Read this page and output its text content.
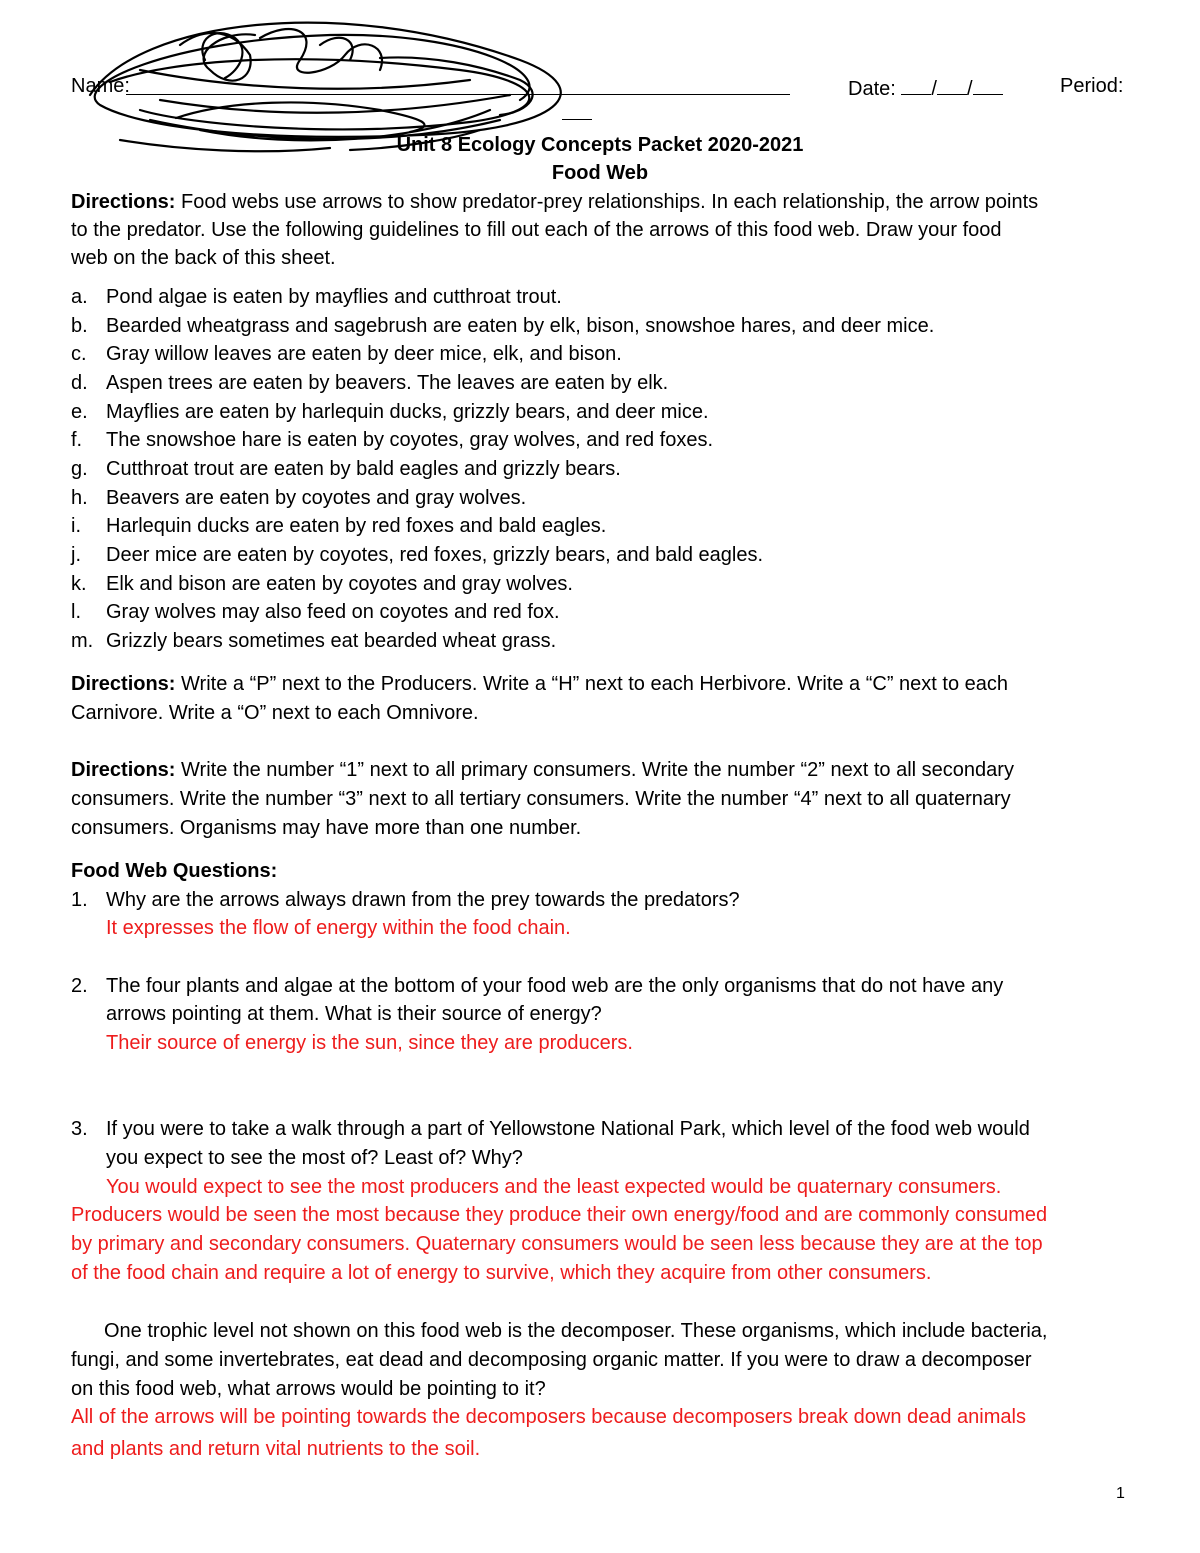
Name:	Date: / /	Period:
Unit 8 Ecology Concepts Packet 2020-2021
Food Web
Directions: Food webs use arrows to show predator-prey relationships. In each relationship, the arrow points
to the predator. Use the following guidelines to fill out each of the arrows of this food web. Draw your food
web on the back of this sheet.
a. Pond algae is eaten by mayflies and cutthroat trout.
b. Bearded wheatgrass and sagebrush are eaten by elk, bison, snowshoe hares, and deer mice.
c. Gray willow leaves are eaten by deer mice, elk, and bison.
d. Aspen trees are eaten by beavers. The leaves are eaten by elk.
e. Mayflies are eaten by harlequin ducks, grizzly bears, and deer mice.
f. The snowshoe hare is eaten by coyotes, gray wolves, and red foxes.
g. Cutthroat trout are eaten by bald eagles and grizzly bears.
h. Beavers are eaten by coyotes and gray wolves.
i. Harlequin ducks are eaten by red foxes and bald eagles.
j. Deer mice are eaten by coyotes, red foxes, grizzly bears, and bald eagles.
k. Elk and bison are eaten by coyotes and gray wolves.
l. Gray wolves may also feed on coyotes and red fox.
m. Grizzly bears sometimes eat bearded wheat grass.
Directions: Write a “P” next to the Producers. Write a “H” next to each Herbivore. Write a “C” next to each
Carnivore. Write a “O” next to each Omnivore.
Directions: Write the number “1” next to all primary consumers. Write the number “2” next to all secondary
consumers. Write the number “3” next to all tertiary consumers. Write the number “4” next to all quaternary
consumers. Organisms may have more than one number.
Food Web Questions:
1. Why are the arrows always drawn from the prey towards the predators?
It expresses the flow of energy within the food chain.
2. The four plants and algae at the bottom of your food web are the only organisms that do not have any
arrows pointing at them. What is their source of energy?
Their source of energy is the sun, since they are producers.
3. If you were to take a walk through a part of Yellowstone National Park, which level of the food web would
you expect to see the most of? Least of? Why?
You would expect to see the most producers and the least expected would be quaternary consumers.
Producers would be seen the most because they produce their own energy/food and are commonly consumed
by primary and secondary consumers. Quaternary consumers would be seen less because they are at the top
of the food chain and require a lot of energy to survive, which they acquire from other consumers.
One trophic level not shown on this food web is the decomposer. These organisms, which include bacteria,
fungi, and some invertebrates, eat dead and decomposing organic matter. If you were to draw a decomposer
on this food web, what arrows would be pointing to it?
All of the arrows will be pointing towards the decomposers because decomposers break down dead animals
and plants and return vital nutrients to the soil.
1
